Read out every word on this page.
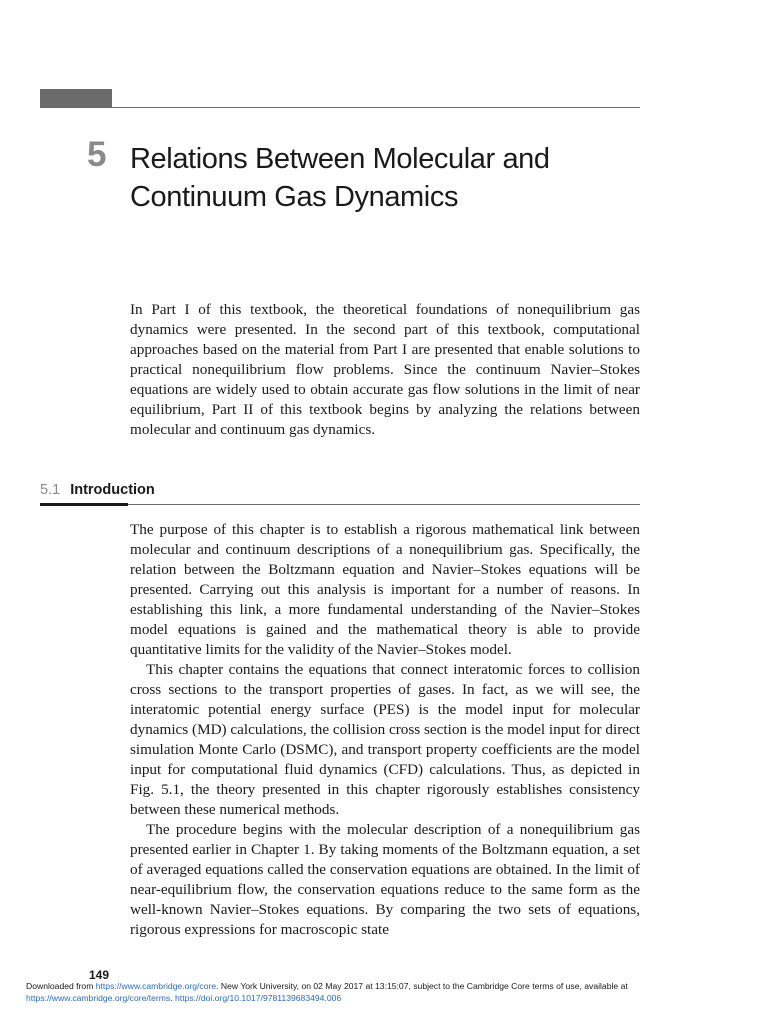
5 Relations Between Molecular and
Continuum Gas Dynamics

In Part I of this textbook, the theoretical foundations of nonequilibrium gas dynamics were presented. In the second part of this textbook, computational approaches based on the material from Part I are presented that enable solutions to practical nonequilibrium flow problems. Since the continuum Navier–Stokes equations are widely used to obtain accurate gas flow solutions in the limit of near equilibrium, Part II of this textbook begins by analyzing the relations between molecular and continuum gas dynamics.

5.1 Introduction

The purpose of this chapter is to establish a rigorous mathematical link between molecular and continuum descriptions of a nonequilibrium gas. Specifically, the relation between the Boltzmann equation and Navier–Stokes equations will be presented. Carrying out this analysis is important for a number of reasons. In establishing this link, a more fundamental understanding of the Navier–Stokes model equations is gained and the mathematical theory is able to provide quantitative limits for the validity of the Navier–Stokes model.

This chapter contains the equations that connect interatomic forces to collision cross sections to the transport properties of gases. In fact, as we will see, the interatomic potential energy surface (PES) is the model input for molecular dynamics (MD) calculations, the collision cross section is the model input for direct simulation Monte Carlo (DSMC), and transport property coefficients are the model input for computational fluid dynamics (CFD) calculations. Thus, as depicted in Fig. 5.1, the theory presented in this chapter rigorously establishes consistency between these numerical methods.

The procedure begins with the molecular description of a nonequilibrium gas presented earlier in Chapter 1. By taking moments of the Boltzmann equation, a set of averaged equations called the conservation equations are obtained. In the limit of near-equilibrium flow, the conservation equations reduce to the same form as the well-known Navier–Stokes equations. By comparing the two sets of equations, rigorous expressions for macroscopic state

149
Downloaded from https://www.cambridge.org/core. New York University, on 02 May 2017 at 13:15:07, subject to the Cambridge Core terms of use, available at
https://www.cambridge.org/core/terms. https://doi.org/10.1017/9781139683494.006
